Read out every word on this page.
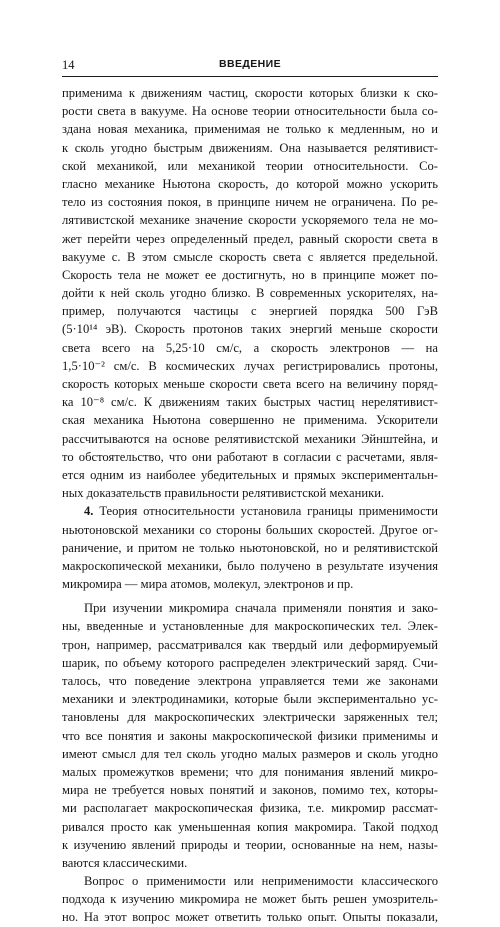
14	ВВЕДЕНИЕ
применима к движениям частиц, скорости которых близки к ско-
рости света в вакууме. На основе теории относительности была со-
здана новая механика, применимая не только к медленным, но и
к сколь угодно быстрым движениям. Она называется релятивист-
ской механикой, или механикой теории относительности. Со-
гласно механике Ньютона скорость, до которой можно ускорить
тело из состояния покоя, в принципе ничем не ограничена. По ре-
лятивистской механике значение скорости ускоряемого тела не мо-
жет перейти через определенный предел, равный скорости света в
вакууме c. В этом смысле скорость света c является предельной.
Скорость тела не может ее достигнуть, но в принципе может по-
дойти к ней сколь угодно близко. В современных ускорителях, на-
пример, получаются частицы с энергией порядка 500 ГэВ
(5·10¹⁴ эВ). Скорость протонов таких энергий меньше скорости
света всего на 5,25·10 см/с, а скорость электронов — на
1,5·10⁻² см/с. В космических лучах регистрировались протоны,
скорость которых меньше скорости света всего на величину поряд-
ка 10⁻⁸ см/с. К движениям таких быстрых частиц нерелятивист-
ская механика Ньютона совершенно не применима. Ускорители
рассчитываются на основе релятивистской механики Эйнштейна, и
то обстоятельство, что они работают в согласии с расчетами, явля-
ется одним из наиболее убедительных и прямых экспериментальн-
ных доказательств правильности релятивистской механики.
4. Теория относительности установила границы применимости
ньютоновской механики со стороны больших скоростей. Другое ог-
раничение, и притом не только ньютоновской, но и релятивистской
макроскопической механики, было получено в результате изучения
микромира — мира атомов, молекул, электронов и пр.
При изучении микромира сначала применяли понятия и зако-
ны, введенные и установленные для макроскопических тел. Элек-
трон, например, рассматривался как твердый или деформируемый
шарик, по объему которого распределен электрический заряд. Счи-
талось, что поведение электрона управляется теми же законами
механики и электродинамики, которые были экспериментально ус-
тановлены для макроскопических электрически заряженных тел;
что все понятия и законы макроскопической физики применимы и
имеют смысл для тел сколь угодно малых размеров и сколь угодно
малых промежутков времени; что для понимания явлений микро-
мира не требуется новых понятий и законов, помимо тех, которы-
ми располагает макроскопическая физика, т.е. микромир рассмат-
ривался просто как уменьшенная копия макромира. Такой подход
к изучению явлений природы и теории, основанные на нем, назы-
ваются классическими.
Вопрос о применимости или неприменимости классического
подхода к изучению микромира не может быть решен умозритель-
но. На этот вопрос может ответить только опыт. Опыты показали,
